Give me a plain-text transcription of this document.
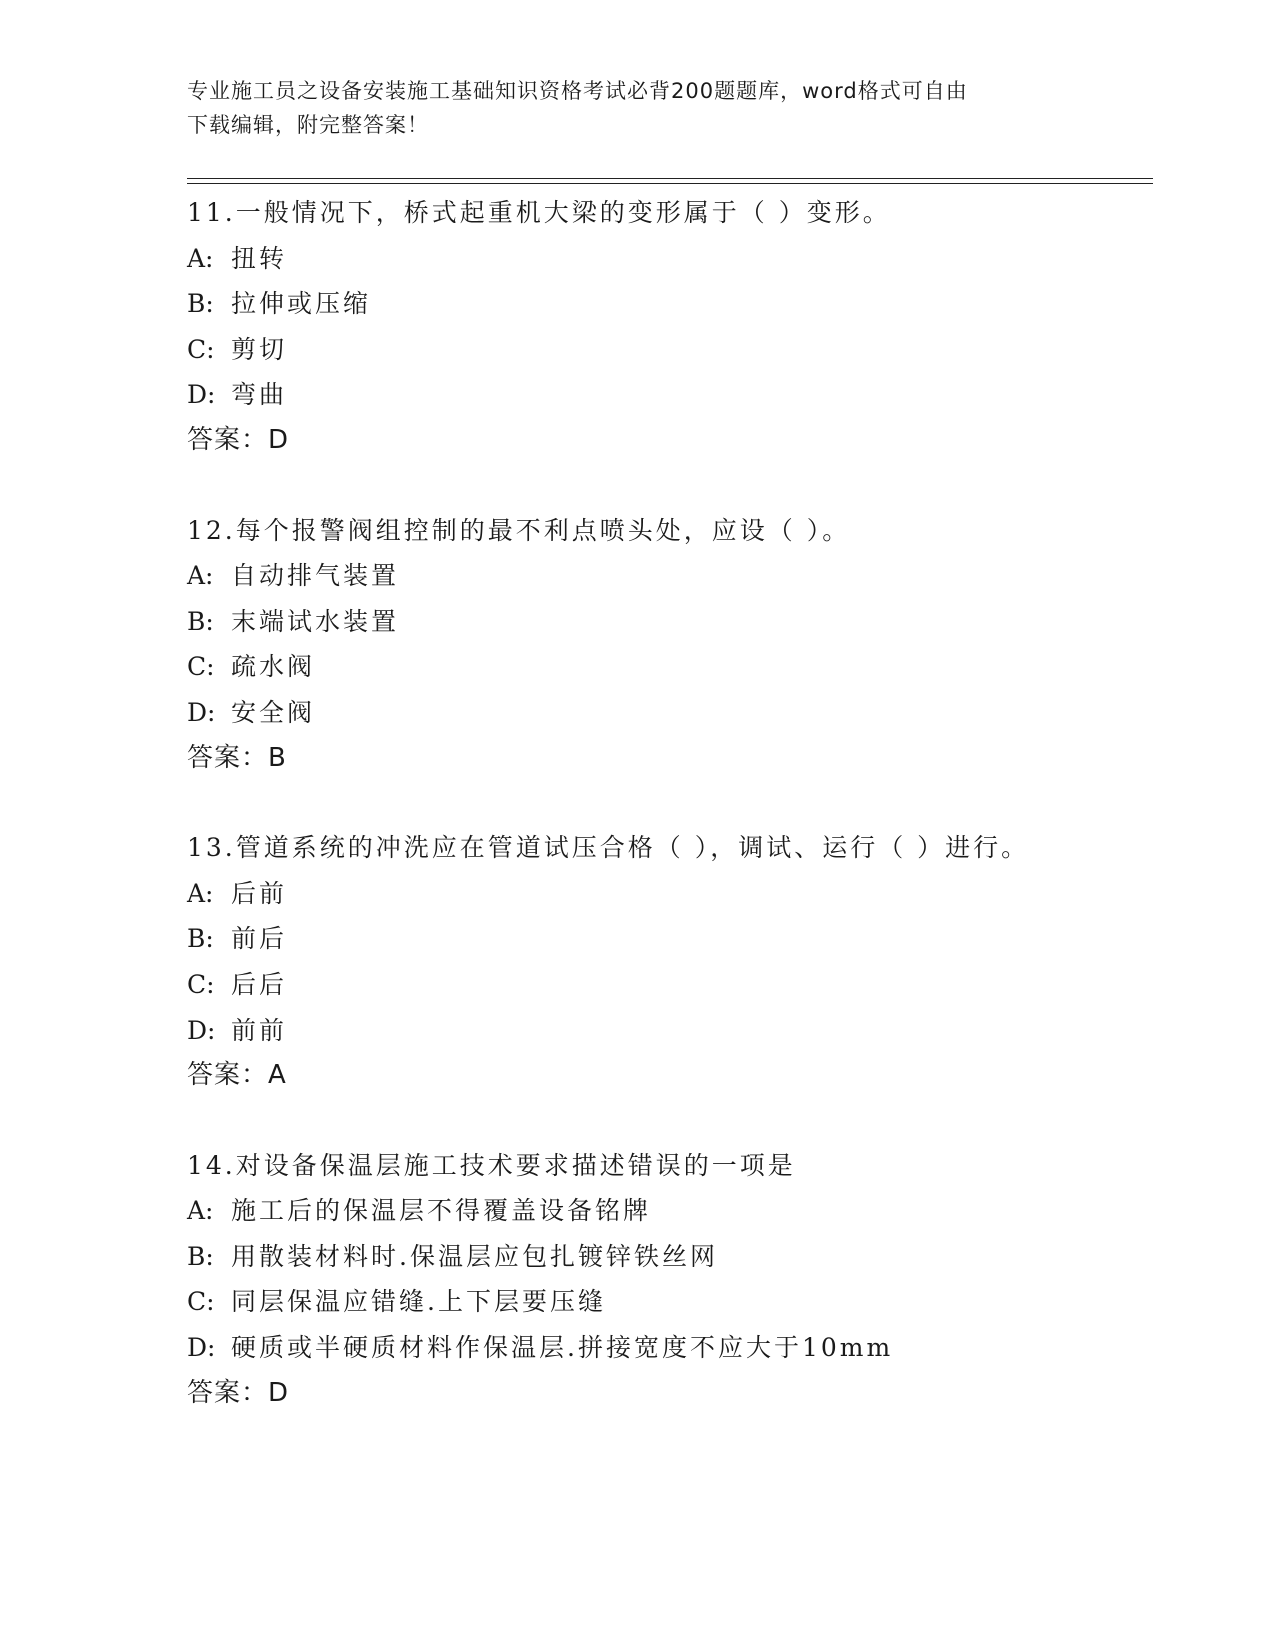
专业施工员之设备安装施工基础知识资格考试必背200题题库，word格式可自由
下载编辑，附完整答案！
11.一般情况下，桥式起重机大梁的变形属于（ ）变形。
A: 扭转
B: 拉伸或压缩
C: 剪切
D: 弯曲
答案：D
12.每个报警阀组控制的最不利点喷头处，应设（ ）。
A: 自动排气装置
B: 末端试水装置
C: 疏水阀
D: 安全阀
答案：B
13.管道系统的冲洗应在管道试压合格（ ），调试、运行（ ）进行。
A: 后前
B: 前后
C: 后后
D: 前前
答案：A
14.对设备保温层施工技术要求描述错误的一项是
A: 施工后的保温层不得覆盖设备铭牌
B: 用散装材料时.保温层应包扎镀锌铁丝网
C: 同层保温应错缝.上下层要压缝
D: 硬质或半硬质材料作保温层.拼接宽度不应大于10mm
答案：D
